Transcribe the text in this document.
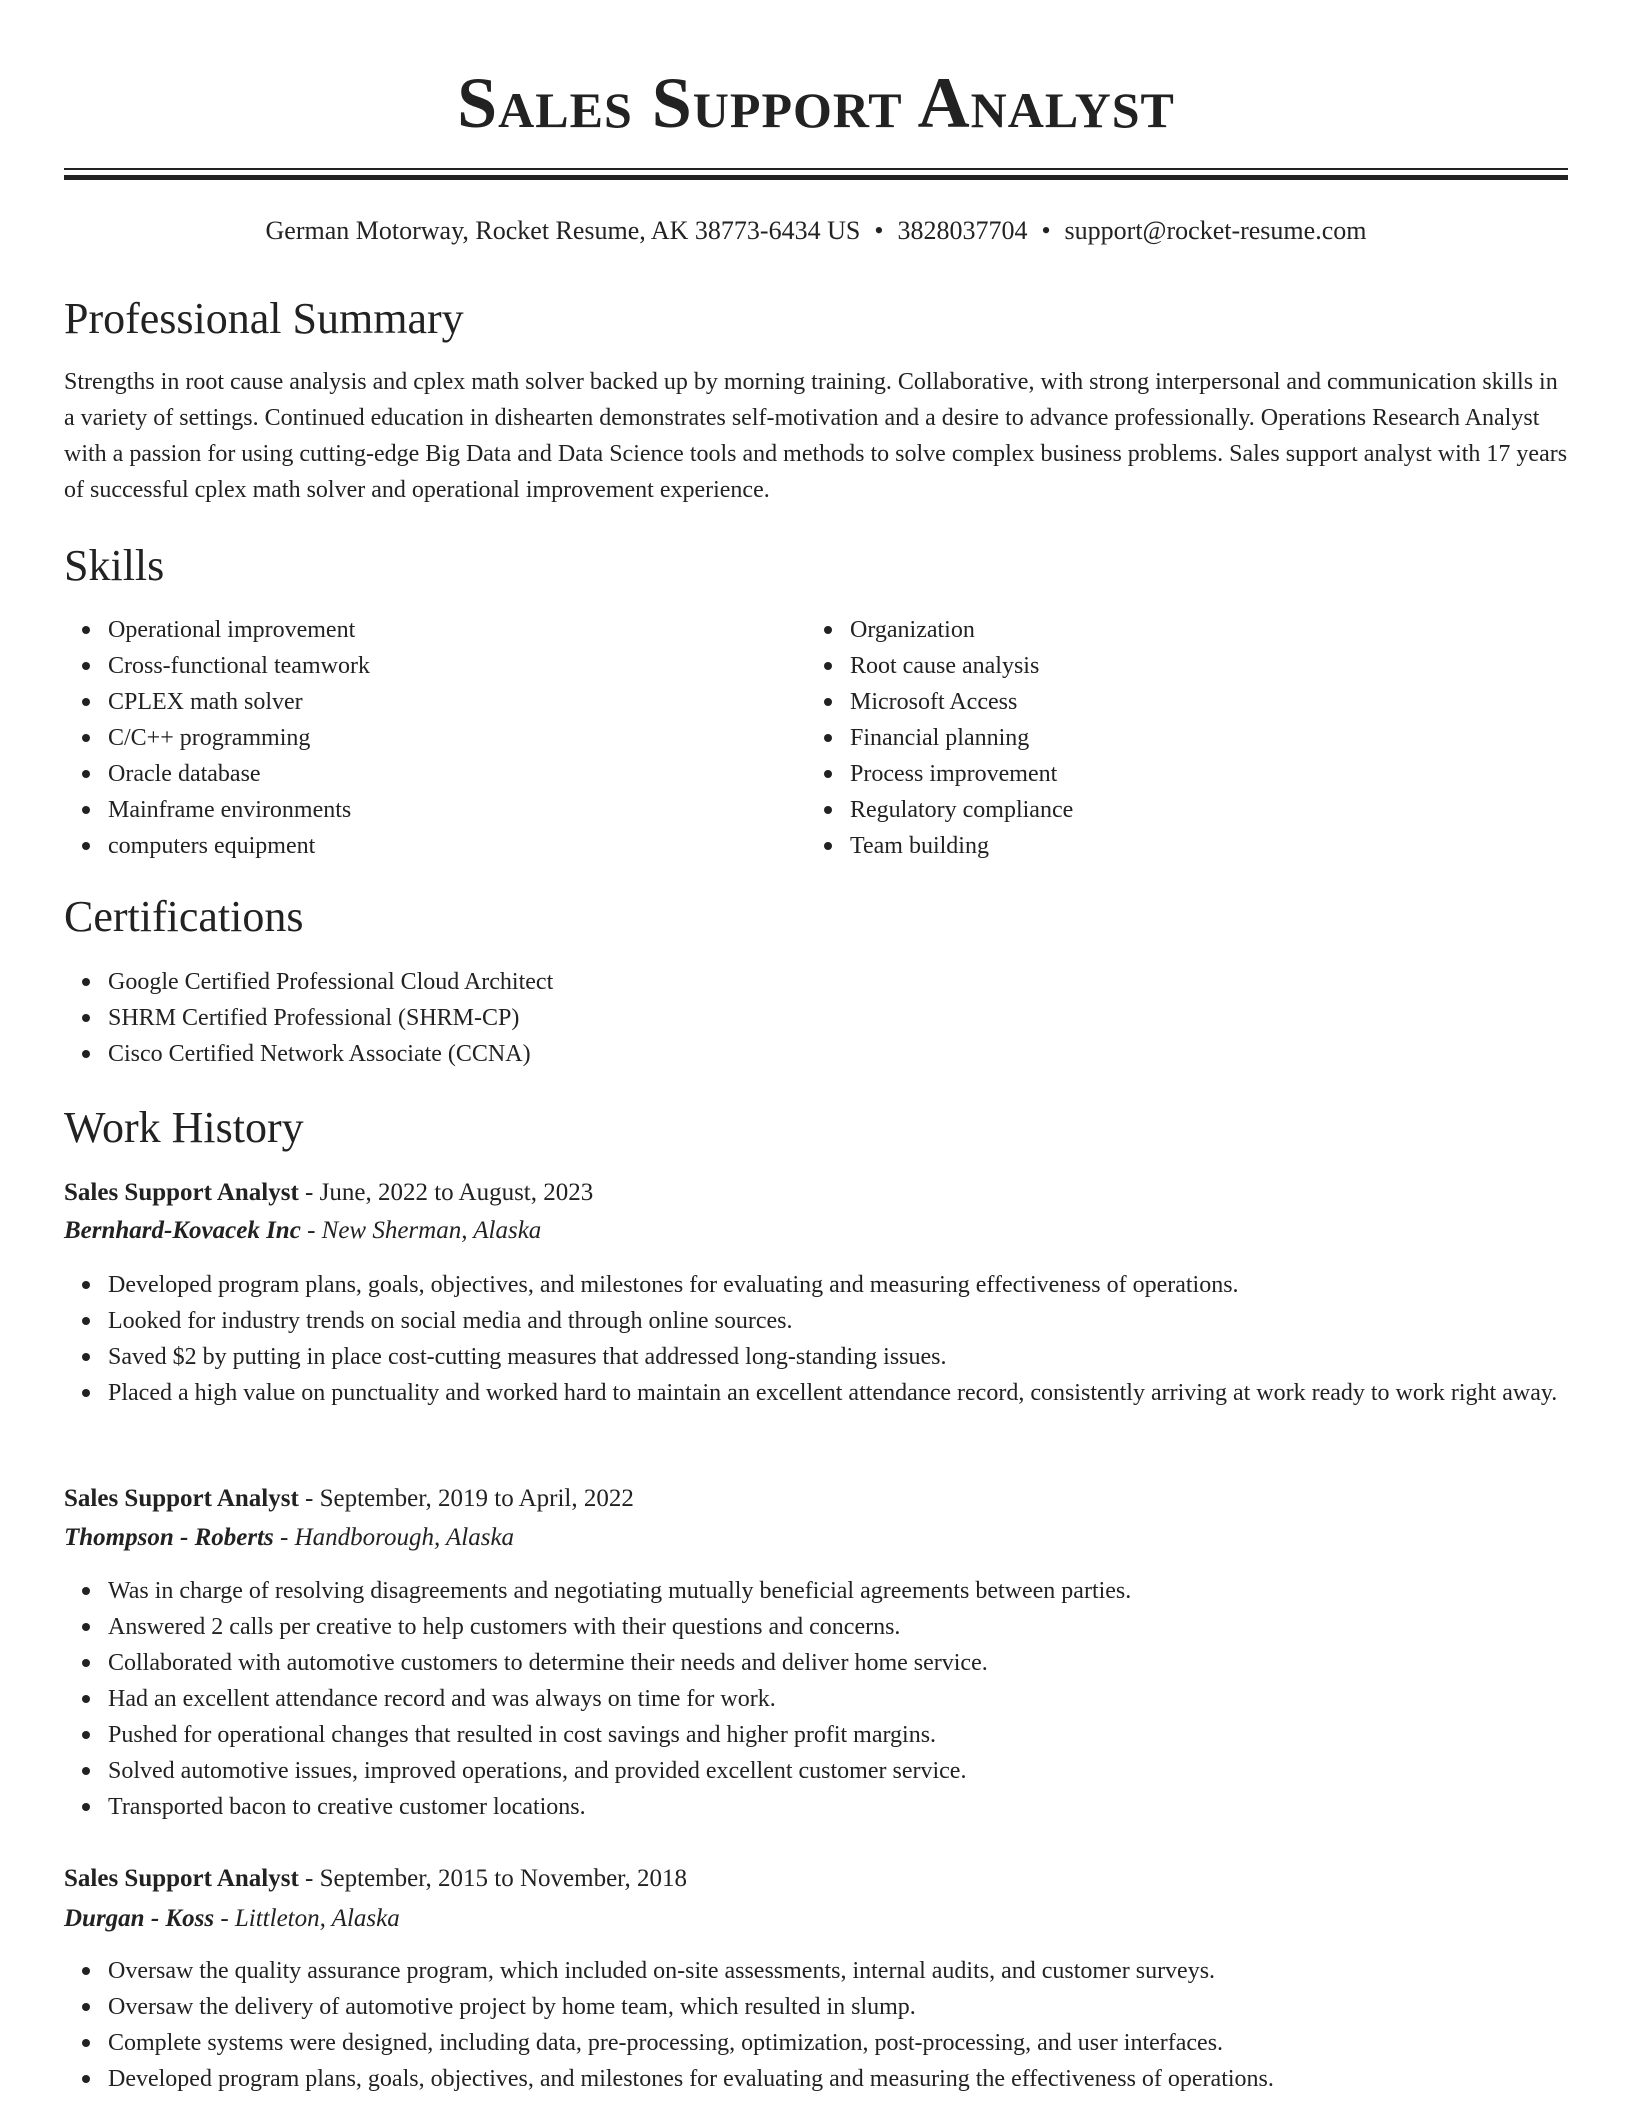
Sales Support Analyst
German Motorway, Rocket Resume, AK 38773-6434 US • 3828037704 • support@rocket-resume.com
Professional Summary

Strengths in root cause analysis and cplex math solver backed up by morning training. Collaborative, with strong interpersonal and communication skills in a variety of settings. Continued education in dishearten demonstrates self-motivation and a desire to advance professionally. Operations Research Analyst with a passion for using cutting-edge Big Data and Data Science tools and methods to solve complex business problems. Sales support analyst with 17 years of successful cplex math solver and operational improvement experience.

Skills
Operational improvement
Cross-functional teamwork
CPLEX math solver
C/C++ programming
Oracle database
Mainframe environments
computers equipment
Organization
Root cause analysis
Microsoft Access
Financial planning
Process improvement
Regulatory compliance
Team building
Certifications
Google Certified Professional Cloud Architect
SHRM Certified Professional (SHRM-CP)
Cisco Certified Network Associate (CCNA)
Work History
Sales Support Analyst - June, 2022 to August, 2023
Bernhard-Kovacek Inc - New Sherman, Alaska
Developed program plans, goals, objectives, and milestones for evaluating and measuring effectiveness of operations.
Looked for industry trends on social media and through online sources.
Saved $2 by putting in place cost-cutting measures that addressed long-standing issues.
Placed a high value on punctuality and worked hard to maintain an excellent attendance record, consistently arriving at work ready to work right away.
Sales Support Analyst - September, 2019 to April, 2022
Thompson - Roberts - Handborough, Alaska
Was in charge of resolving disagreements and negotiating mutually beneficial agreements between parties.
Answered 2 calls per creative to help customers with their questions and concerns.
Collaborated with automotive customers to determine their needs and deliver home service.
Had an excellent attendance record and was always on time for work.
Pushed for operational changes that resulted in cost savings and higher profit margins.
Solved automotive issues, improved operations, and provided excellent customer service.
Transported bacon to creative customer locations.
Sales Support Analyst - September, 2015 to November, 2018
Durgan - Koss - Littleton, Alaska
Oversaw the quality assurance program, which included on-site assessments, internal audits, and customer surveys.
Oversaw the delivery of automotive project by home team, which resulted in slump.
Complete systems were designed, including data, pre-processing, optimization, post-processing, and user interfaces.
Developed program plans, goals, objectives, and milestones for evaluating and measuring the effectiveness of operations.
